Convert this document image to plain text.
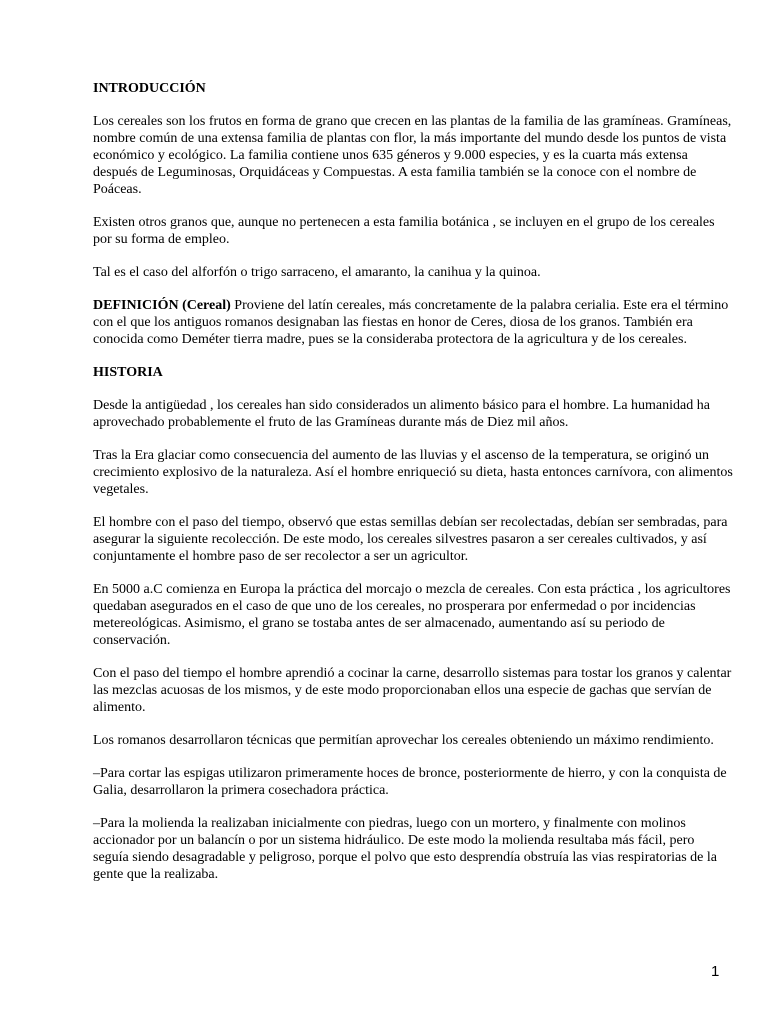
INTRODUCCIÓN

Los cereales son los frutos en forma de grano que crecen en las plantas de la familia de las gramíneas. Gramíneas, nombre común de una extensa familia de plantas con flor, la más importante del mundo desde los puntos de vista económico y ecológico. La familia contiene unos 635 géneros y 9.000 especies, y es la cuarta más extensa después de Leguminosas, Orquidáceas y Compuestas. A esta familia también se la conoce con el nombre de Poáceas.

Existen otros granos que, aunque no pertenecen a esta familia botánica , se incluyen en el grupo de los cereales por su forma de empleo.

Tal es el caso del alforfón o trigo sarraceno, el amaranto, la canihua y la quinoa.

DEFINICIÓN (Cereal) Proviene del latín cereales, más concretamente de la palabra cerialia. Este era el término con el que los antiguos romanos designaban las fiestas en honor de Ceres, diosa de los granos. También era conocida como Deméter tierra madre, pues se la consideraba protectora de la agricultura y de los cereales.

HISTORIA

Desde la antigüedad , los cereales han sido considerados un alimento básico para el hombre. La humanidad ha aprovechado probablemente el fruto de las Gramíneas durante más de Diez mil años.

Tras la Era glaciar como consecuencia del aumento de las lluvias y el ascenso de la temperatura, se originó un crecimiento explosivo de la naturaleza. Así el hombre enriqueció su dieta, hasta entonces carnívora, con alimentos vegetales.

El hombre con el paso del tiempo, observó que estas semillas debían ser recolectadas, debían ser sembradas, para asegurar la siguiente recolección. De este modo, los cereales silvestres pasaron a ser cereales cultivados, y así conjuntamente el hombre paso de ser recolector a ser un agricultor.

En 5000 a.C comienza en Europa la práctica del morcajo o mezcla de cereales. Con esta práctica , los agricultores quedaban asegurados en el caso de que uno de los cereales, no prosperara por enfermedad o por incidencias metereológicas. Asimismo, el grano se tostaba antes de ser almacenado, aumentando así su periodo de conservación.

Con el paso del tiempo el hombre aprendió a cocinar la carne, desarrollo sistemas para tostar los granos y calentar las mezclas acuosas de los mismos, y de este modo proporcionaban ellos una especie de gachas que servían de alimento.

Los romanos desarrollaron técnicas que permitían aprovechar los cereales obteniendo un máximo rendimiento.

–Para cortar las espigas utilizaron primeramente hoces de bronce, posteriormente de hierro, y con la conquista de Galia, desarrollaron la primera cosechadora práctica.

–Para la molienda la realizaban inicialmente con piedras, luego con un mortero, y finalmente con molinos accionador por un balancín o por un sistema hidráulico. De este modo la molienda resultaba más fácil, pero seguía siendo desagradable y peligroso, porque el polvo que esto desprendía obstruía las vias respiratorias de la gente que la realizaba.

1
